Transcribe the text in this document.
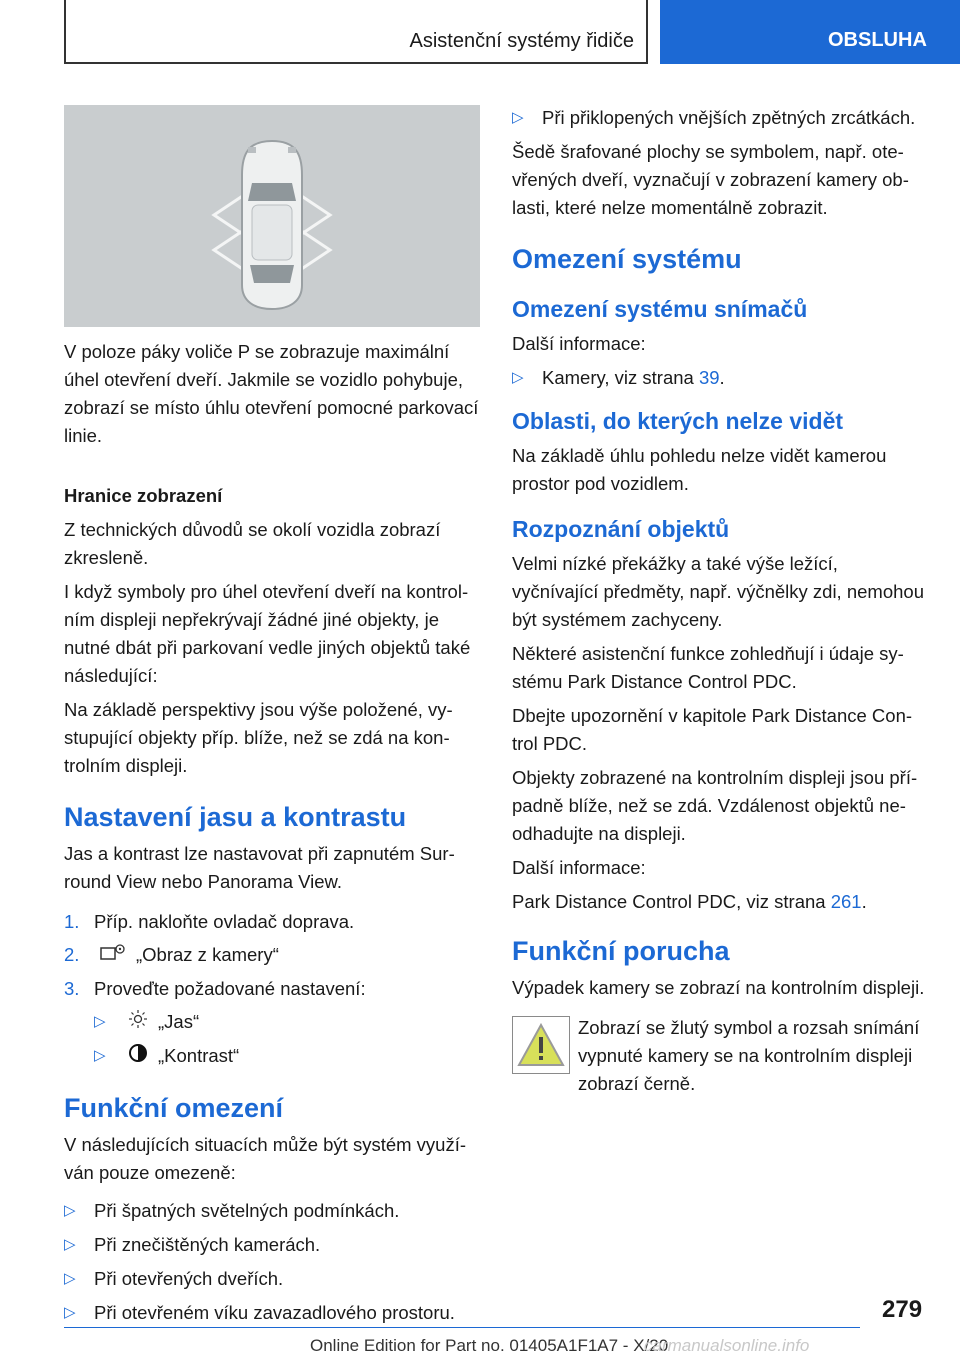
Asistenční systémy řidiče	OBSLUHA

V poloze páky voliče P se zobrazuje maximální úhel otevření dveří. Jakmile se vozidlo pohybuje, zobrazí se místo úhlu otevření pomocné parkovací linie.

Hranice zobrazení

Z technických důvodů se okolí vozidla zobrazí zkresleně.

I když symboly pro úhel otevření dveří na kontrolním displeji nepřekrývají žádné jiné objekty, je nutné dbát při parkovaní vedle jiných objektů také následující:

Na základě perspektivy jsou výše položené, vystupující objekty příp. blíže, než se zdá na kontrolním displeji.

Nastavení jasu a kontrastu

Jas a kontrast lze nastavovat při zapnutém Surround View nebo Panorama View.

1. Příp. nakloňte ovladač doprava.
2.	„Obraz z kamery“
3. Proveďte požadované nastavení:
▷	„Jas“
▷	„Kontrast“

Funkční omezení

V následujících situacích může být systém využíván pouze omezeně:

▷ Při špatných světelných podmínkách.
▷ Při znečištěných kamerách.
▷ Při otevřených dveřích.
▷ Při otevřeném víku zavazadlového prostoru.
▷ Při přiklopených vnějších zpětných zrcátkách.

Šedě šrafované plochy se symbolem, např. otevřených dveří, vyznačují v zobrazení kamery oblasti, které nelze momentálně zobrazit.

Omezení systému

Omezení systému snímačů

Další informace:

▷ Kamery, viz strana 39.

Oblasti, do kterých nelze vidět

Na základě úhlu pohledu nelze vidět kamerou prostor pod vozidlem.

Rozpoznání objektů

Velmi nízké překážky a také výše ležící, vyčnívající předměty, např. výčnělky zdi, nemohou být systémem zachyceny.

Některé asistenční funkce zohledňují i údaje systému Park Distance Control PDC.

Dbejte upozornění v kapitole Park Distance Control PDC.

Objekty zobrazené na kontrolním displeji jsou případně blíže, než se zdá. Vzdálenost objektů neodhadujte na displeji.

Další informace:

Park Distance Control PDC, viz strana 261.

Funkční porucha

Výpadek kamery se zobrazí na kontrolním displeji.

Zobrazí se žlutý symbol a rozsah snímání vypnuté kamery se na kontrolním displeji zobrazí černě.

279
Online Edition for Part no. 01405A1F1A7 - X/20
carmanualsonline.info
